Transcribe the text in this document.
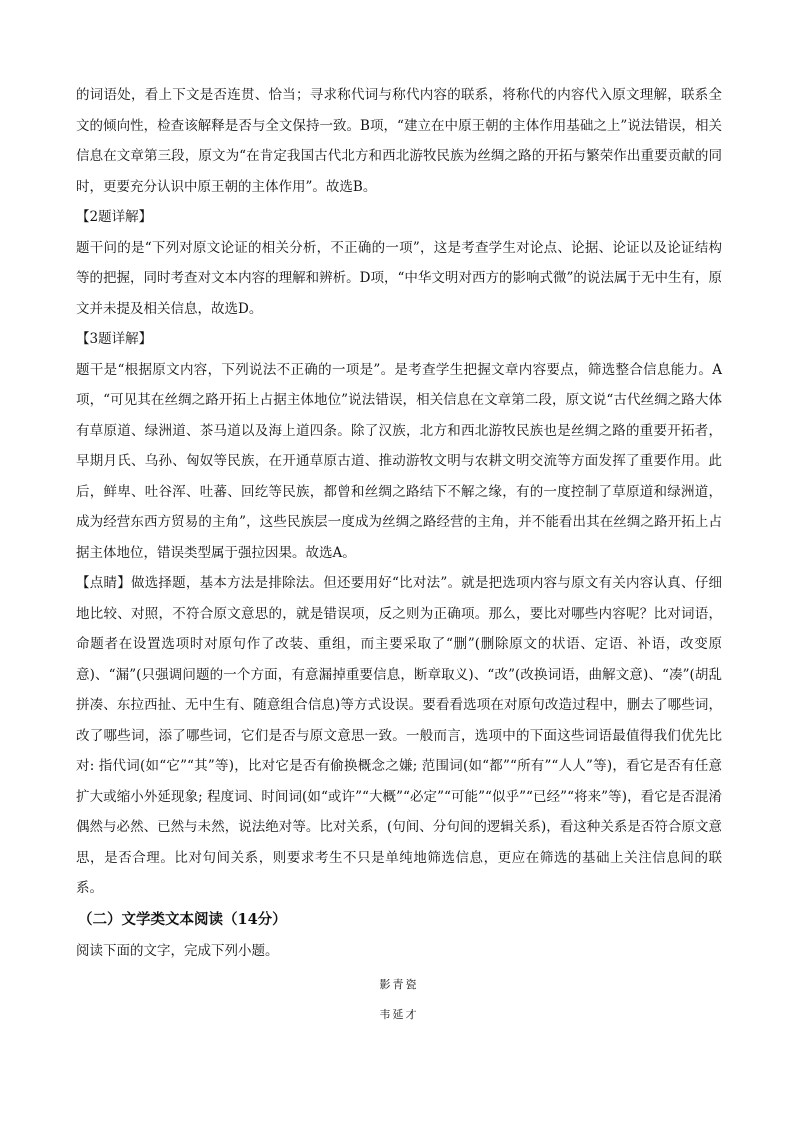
的词语处，看上下文是否连贯、恰当；寻求称代词与称代内容的联系，将称代的内容代入原文理解，联系全文的倾向性，检查该解释是否与全文保持一致。B项，“建立在中原王朝的主体作用基础之上”说法错误，相关信息在文章第三段，原文为“在肯定我国古代北方和西北游牧民族为丝绸之路的开拓与繁荣作出重要贡献的同时，更要充分认识中原王朝的主体作用”。故选B。

【2题详解】

题干问的是“下列对原文论证的相关分析，不正确的一项”，这是考查学生对论点、论据、论证以及论证结构等的把握，同时考查对文本内容的理解和辨析。D项，“中华文明对西方的影响式微”的说法属于无中生有，原文并未提及相关信息，故选D。

【3题详解】

题干是“根据原文内容，下列说法不正确的一项是”。是考查学生把握文章内容要点，筛选整合信息能力。A项，“可见其在丝绸之路开拓上占据主体地位”说法错误，相关信息在文章第二段，原文说“古代丝绸之路大体有草原道、绿洲道、茶马道以及海上道四条。除了汉族，北方和西北游牧民族也是丝绸之路的重要开拓者，早期月氏、乌孙、匈奴等民族，在开通草原古道、推动游牧文明与农耕文明交流等方面发挥了重要作用。此后，鲜卑、吐谷浑、吐蕃、回纥等民族，都曾和丝绸之路结下不解之缘，有的一度控制了草原道和绿洲道，成为经营东西方贸易的主角”，这些民族层一度成为丝绸之路经营的主角，并不能看出其在丝绸之路开拓上占据主体地位，错误类型属于强拉因果。故选A。

【点睛】做选择题，基本方法是排除法。但还要用好“比对法”。就是把选项内容与原文有关内容认真、仔细地比较、对照，不符合原文意思的，就是错误项，反之则为正确项。那么，要比对哪些内容呢？比对词语，命题者在设置选项时对原句作了改装、重组，而主要采取了“删”(删除原文的状语、定语、补语，改变原意)、“漏”(只强调问题的一个方面，有意漏掉重要信息，断章取义)、“改”(改换词语，曲解文意)、“凑”(胡乱拼凑、东拉西扯、无中生有、随意组合信息)等方式设误。要看看选项在对原句改造过程中，删去了哪些词，改了哪些词，添了哪些词，它们是否与原文意思一致。一般而言，选项中的下面这些词语最值得我们优先比对: 指代词(如“它”“其”等)，比对它是否有偷换概念之嫌; 范围词(如“都”“所有”“人人”等)，看它是否有任意扩大或缩小外延现象; 程度词、时间词(如“或许”“大概”“必定”“可能”“似乎”“已经”“将来”等)，看它是否混淆偶然与必然、已然与未然，说法绝对等。比对关系，(句间、分句间的逻辑关系)，看这种关系是否符合原文意思，是否合理。比对句间关系，则要求考生不只是单纯地筛选信息，更应在筛选的基础上关注信息间的联系。

（二）文学类文本阅读（14分）

阅读下面的文字，完成下列小题。

影青瓷
韦延才
